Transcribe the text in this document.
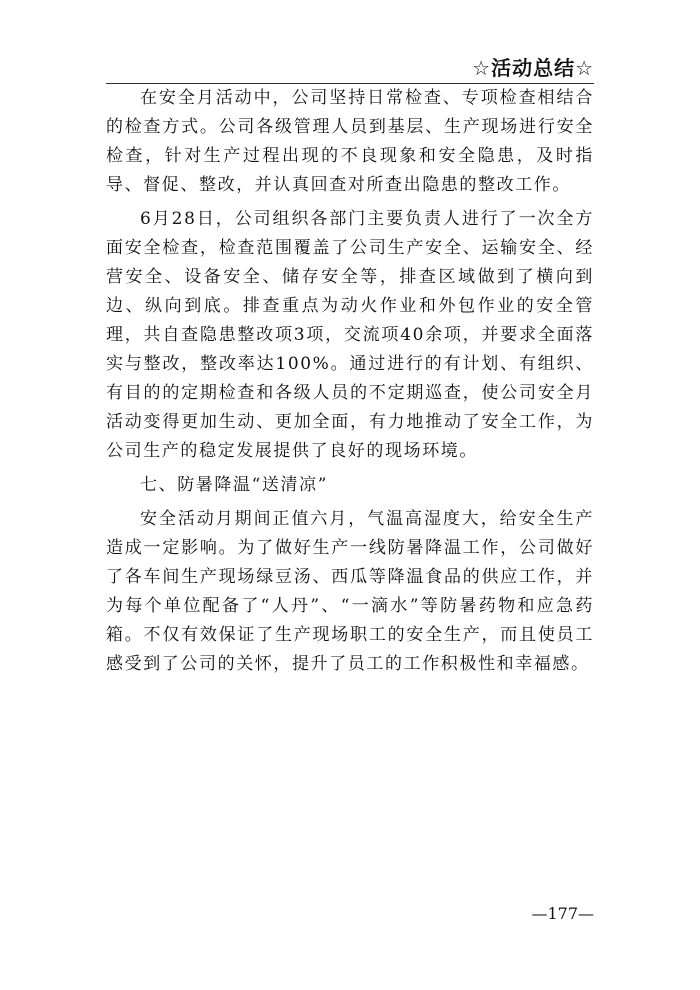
☆活动总结☆

在安全月活动中，公司坚持日常检查、专项检查相结合的检查方式。公司各级管理人员到基层、生产现场进行安全检查，针对生产过程出现的不良现象和安全隐患，及时指导、督促、整改，并认真回查对所查出隐患的整改工作。

6月28日，公司组织各部门主要负责人进行了一次全方面安全检查，检查范围覆盖了公司生产安全、运输安全、经营安全、设备安全、储存安全等，排查区域做到了横向到边、纵向到底。排查重点为动火作业和外包作业的安全管理，共自查隐患整改项3项，交流项40余项，并要求全面落实与整改，整改率达100%。通过进行的有计划、有组织、有目的的定期检查和各级人员的不定期巡查，使公司安全月活动变得更加生动、更加全面，有力地推动了安全工作，为公司生产的稳定发展提供了良好的现场环境。

七、防暑降温“送清凉”

安全活动月期间正值六月，气温高湿度大，给安全生产造成一定影响。为了做好生产一线防暑降温工作，公司做好了各车间生产现场绿豆汤、西瓜等降温食品的供应工作，并为每个单位配备了“人丹”、“一滴水”等防暑药物和应急药箱。不仅有效保证了生产现场职工的安全生产，而且使员工感受到了公司的关怀，提升了员工的工作积极性和幸福感。

—177—
